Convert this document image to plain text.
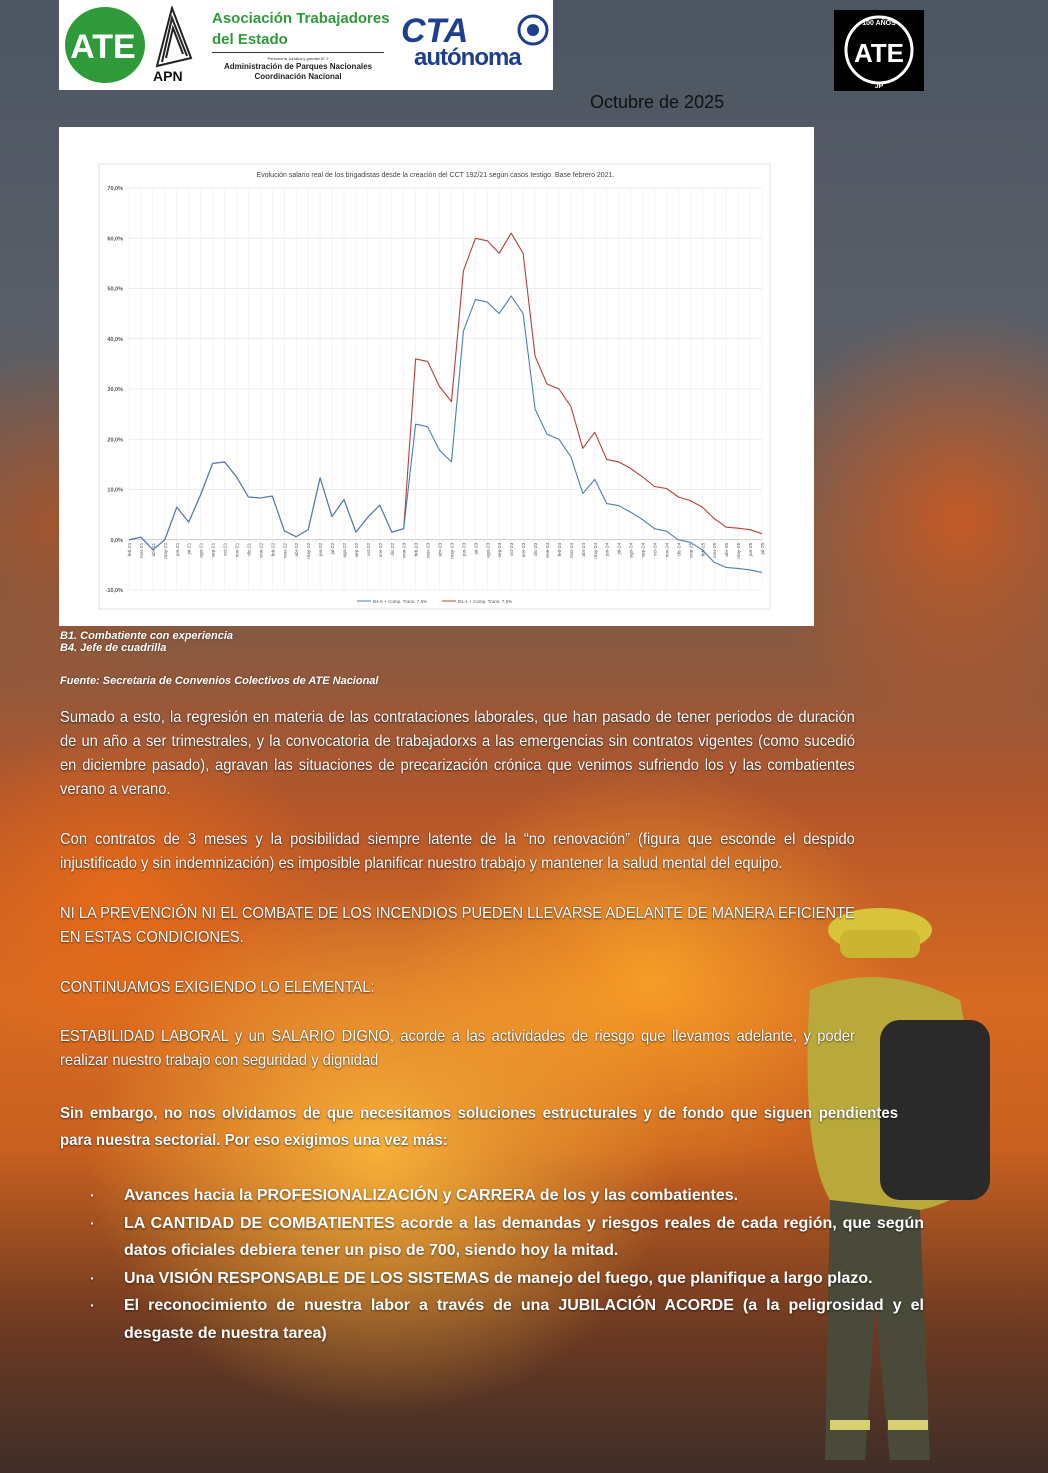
ATE
APN
Asociación Trabajadores del Estado
Personería Jurídica y gremial N° 2
Administración de Parques Nacionales
Coordinación Nacional
CTA
autónoma
100 AÑOS
ATE
JP
Octubre de 2025
Evolución salario real de los brigadistas desde la creación del CCT 192/21 según casos testigo. Base febrero 2021.
70,0%
60,0%
50,0%
40,0%
30,0%
20,0%
10,0%
0,0%
-10,0%
feb-21 mar-21 abr-21 may-21 jun-21 jul-21 ago-21 sep-21 oct-21 nov-21 dic-21 ene-22 feb-22 mar-22 abr-22 may-22 jun-22 jul-22 ago-22 sep-22 oct-22 nov-22 dic-22 ene-23 feb-23 mar-23 abr-23 may-23 jun-23 jul-23 ago-23 sep-23 oct-23 nov-23 dic-23 ene-24 feb-24 mar-24 abr-24 may-24 jun-24 jul-24 ago-24 sep-24 oct-24 nov-24 dic-24 ene-25 feb-25 mar-25 abr-25 may-25 jun-25 jul-25
B4-5 + Comp. Trans. 7,5%	B1-1 + Comp. Trans. 7,5%
B1. Combatiente con experiencia
B4. Jefe de cuadrilla
Fuente: Secretaria de Convenios Colectivos de ATE Nacional

Sumado a esto, la regresión en materia de las contrataciones laborales, que han pasado de tener periodos de duración de un año a ser trimestrales, y la convocatoria de trabajadorxs a las emergencias sin contratos vigentes (como sucedió en diciembre pasado), agravan las situaciones de precarización crónica que venimos sufriendo los y las combatientes verano a verano.

Con contratos de 3 meses y la posibilidad siempre latente de la “no renovación” (figura que esconde el despido injustificado y sin indemnización) es imposible planificar nuestro trabajo y mantener la salud mental del equipo.

NI LA PREVENCIÓN NI EL COMBATE DE LOS INCENDIOS PUEDEN LLEVARSE ADELANTE DE MANERA EFICIENTE EN ESTAS CONDICIONES.

CONTINUAMOS EXIGIENDO LO ELEMENTAL:

ESTABILIDAD LABORAL y un SALARIO DIGNO, acorde a las actividades de riesgo que llevamos adelante, y poder realizar nuestro trabajo con seguridad y dignidad

Sin embargo, no nos olvidamos de que necesitamos soluciones estructurales y de fondo que siguen pendientes para nuestra sectorial. Por eso exigimos una vez más:

· Avances hacia la PROFESIONALIZACIÓN y CARRERA de los y las combatientes.
· LA CANTIDAD DE COMBATIENTES acorde a las demandas y riesgos reales de cada región, que según datos oficiales debiera tener un piso de 700, siendo hoy la mitad.
· Una VISIÓN RESPONSABLE DE LOS SISTEMAS de manejo del fuego, que planifique a largo plazo.
· El reconocimiento de nuestra labor a través de una JUBILACIÓN ACORDE (a la peligrosidad y el desgaste de nuestra tarea)
